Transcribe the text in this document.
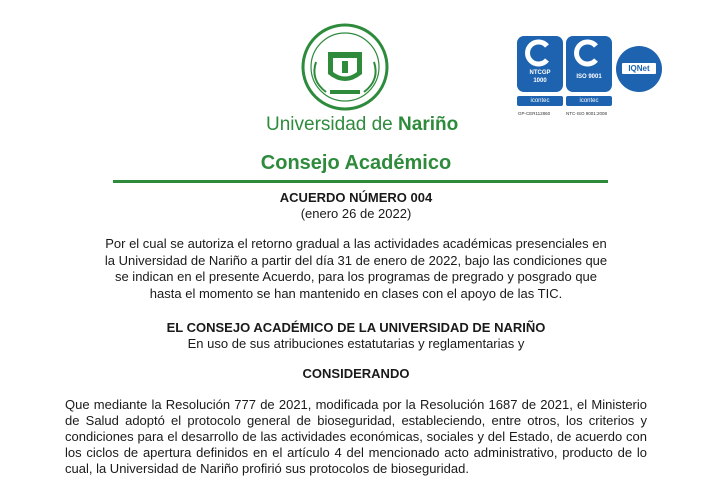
Universidad de Nariño
Consejo Académico
NTCGP
1000
icontec
GP-CER112860
ISO 9001
icontec
NTC-ISO 9001:2008
IQNet
ACUERDO NÚMERO 004
(enero 26 de 2022)
Por el cual se autoriza el retorno gradual a las actividades académicas presenciales en la Universidad de Nariño a partir del día 31 de enero de 2022, bajo las condiciones que se indican en el presente Acuerdo, para los programas de pregrado y posgrado que hasta el momento se han mantenido en clases con el apoyo de las TIC.
EL CONSEJO ACADÉMICO DE LA UNIVERSIDAD DE NARIÑO
En uso de sus atribuciones estatutarias y reglamentarias y
CONSIDERANDO
Que mediante la Resolución 777 de 2021, modificada por la Resolución 1687 de 2021, el Ministerio de Salud adoptó el protocolo general de bioseguridad, estableciendo, entre otros, los criterios y condiciones para el desarrollo de las actividades económicas, sociales y del Estado, de acuerdo con los ciclos de apertura definidos en el artículo 4 del mencionado acto administrativo, producto de lo cual, la Universidad de Nariño profirió sus protocolos de bioseguridad.
